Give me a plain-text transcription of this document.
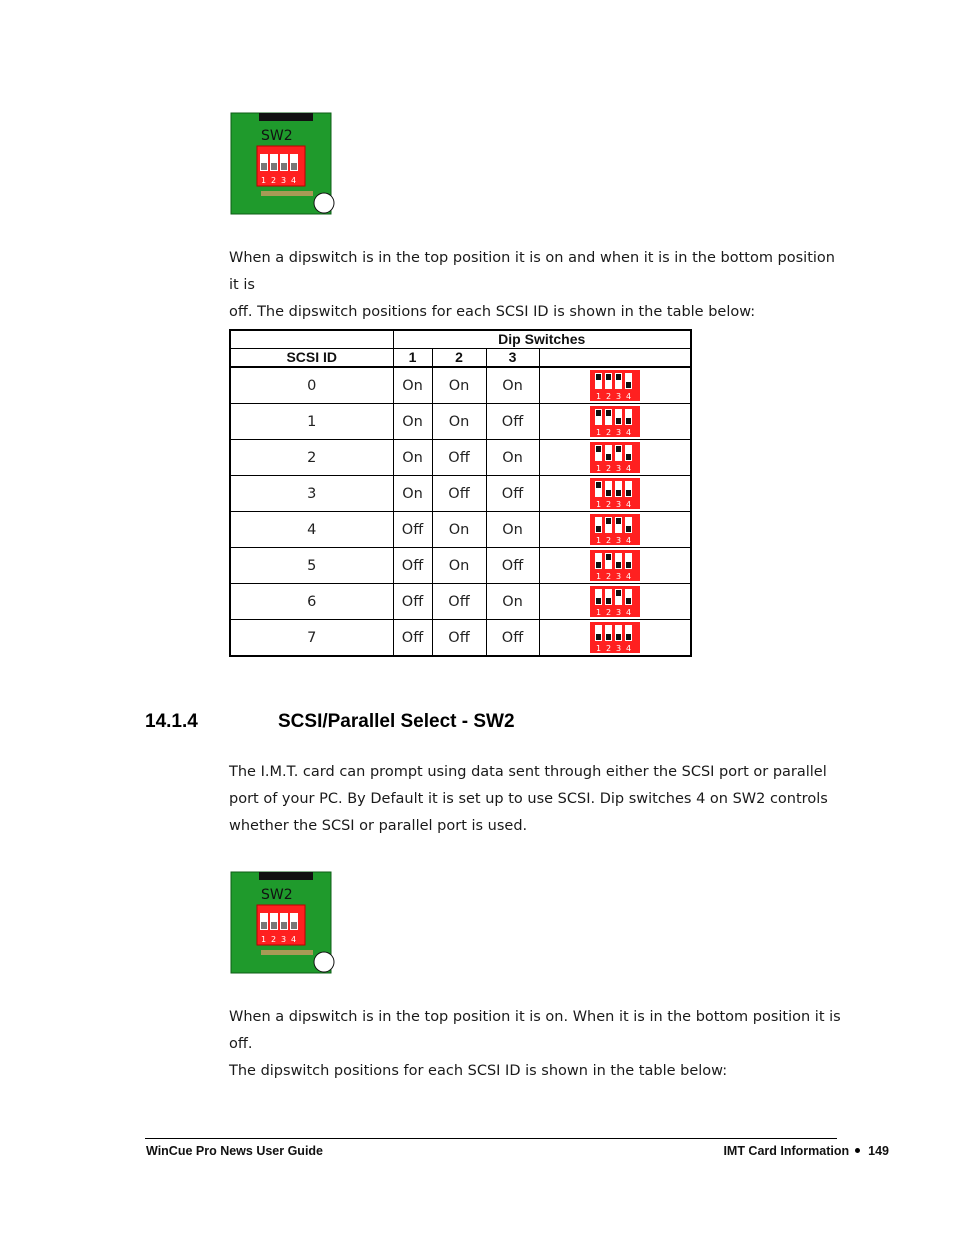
SW2
1 2 3 4

When a dipswitch is in the top position it is on and when it is in the bottom position it is
off. The dipswitch positions for each SCSI ID is shown in the table below:

	Dip Switches			
SCSI ID	1	2	3	
0	On	On	On	1 2 3 4

1	On	On	Off	1 2 3 4

2	On	Off	On	1 2 3 4

3	On	Off	Off	1 2 3 4

4	Off	On	On	1 2 3 4

5	Off	On	Off	1 2 3 4

6	Off	Off	On	1 2 3 4

7	Off	Off	Off	1 2 3 4
14.1.4	SCSI/Parallel Select - SW2

The I.M.T. card can prompt using data sent through either the SCSI port or parallel
port of your PC. By Default it is set up to use SCSI. Dip switches 4 on SW2 controls
whether the SCSI or parallel port is used.

SW2
1 2 3 4

When a dipswitch is in the top position it is on. When it is in the bottom position it is off.
The dipswitch positions for each SCSI ID is shown in the table below:

WinCue Pro News User Guide	IMT Card Information 149
